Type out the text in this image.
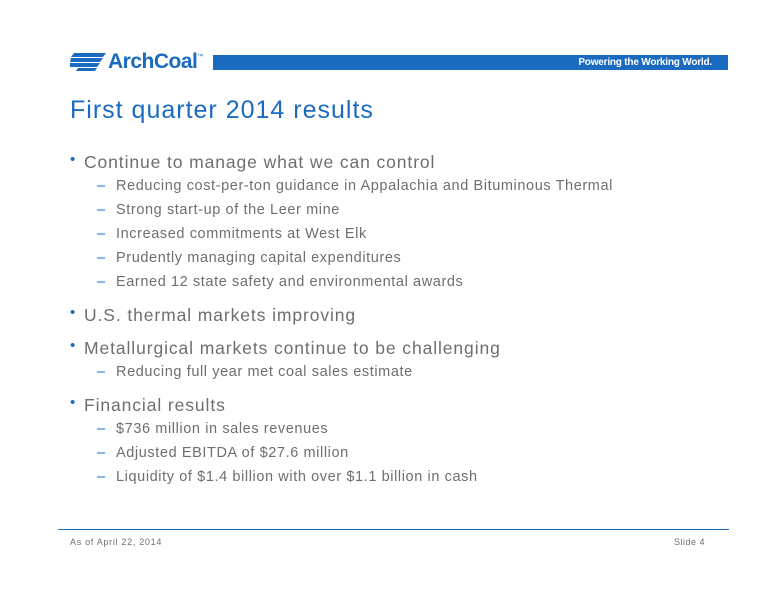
ArchCoal ™	Powering the Working World.
First quarter 2014 results
• Continue to manage what we can control
– Reducing cost-per-ton guidance in Appalachia and Bituminous Thermal
– Strong start-up of the Leer mine
– Increased commitments at West Elk
– Prudently managing capital expenditures
– Earned 12 state safety and environmental awards
• U.S. thermal markets improving
• Metallurgical markets continue to be challenging
– Reducing full year met coal sales estimate
• Financial results
– $736 million in sales revenues
– Adjusted EBITDA of $27.6 million
– Liquidity of $1.4 billion with over $1.1 billion in cash
As of April 22, 2014	Slide 4
